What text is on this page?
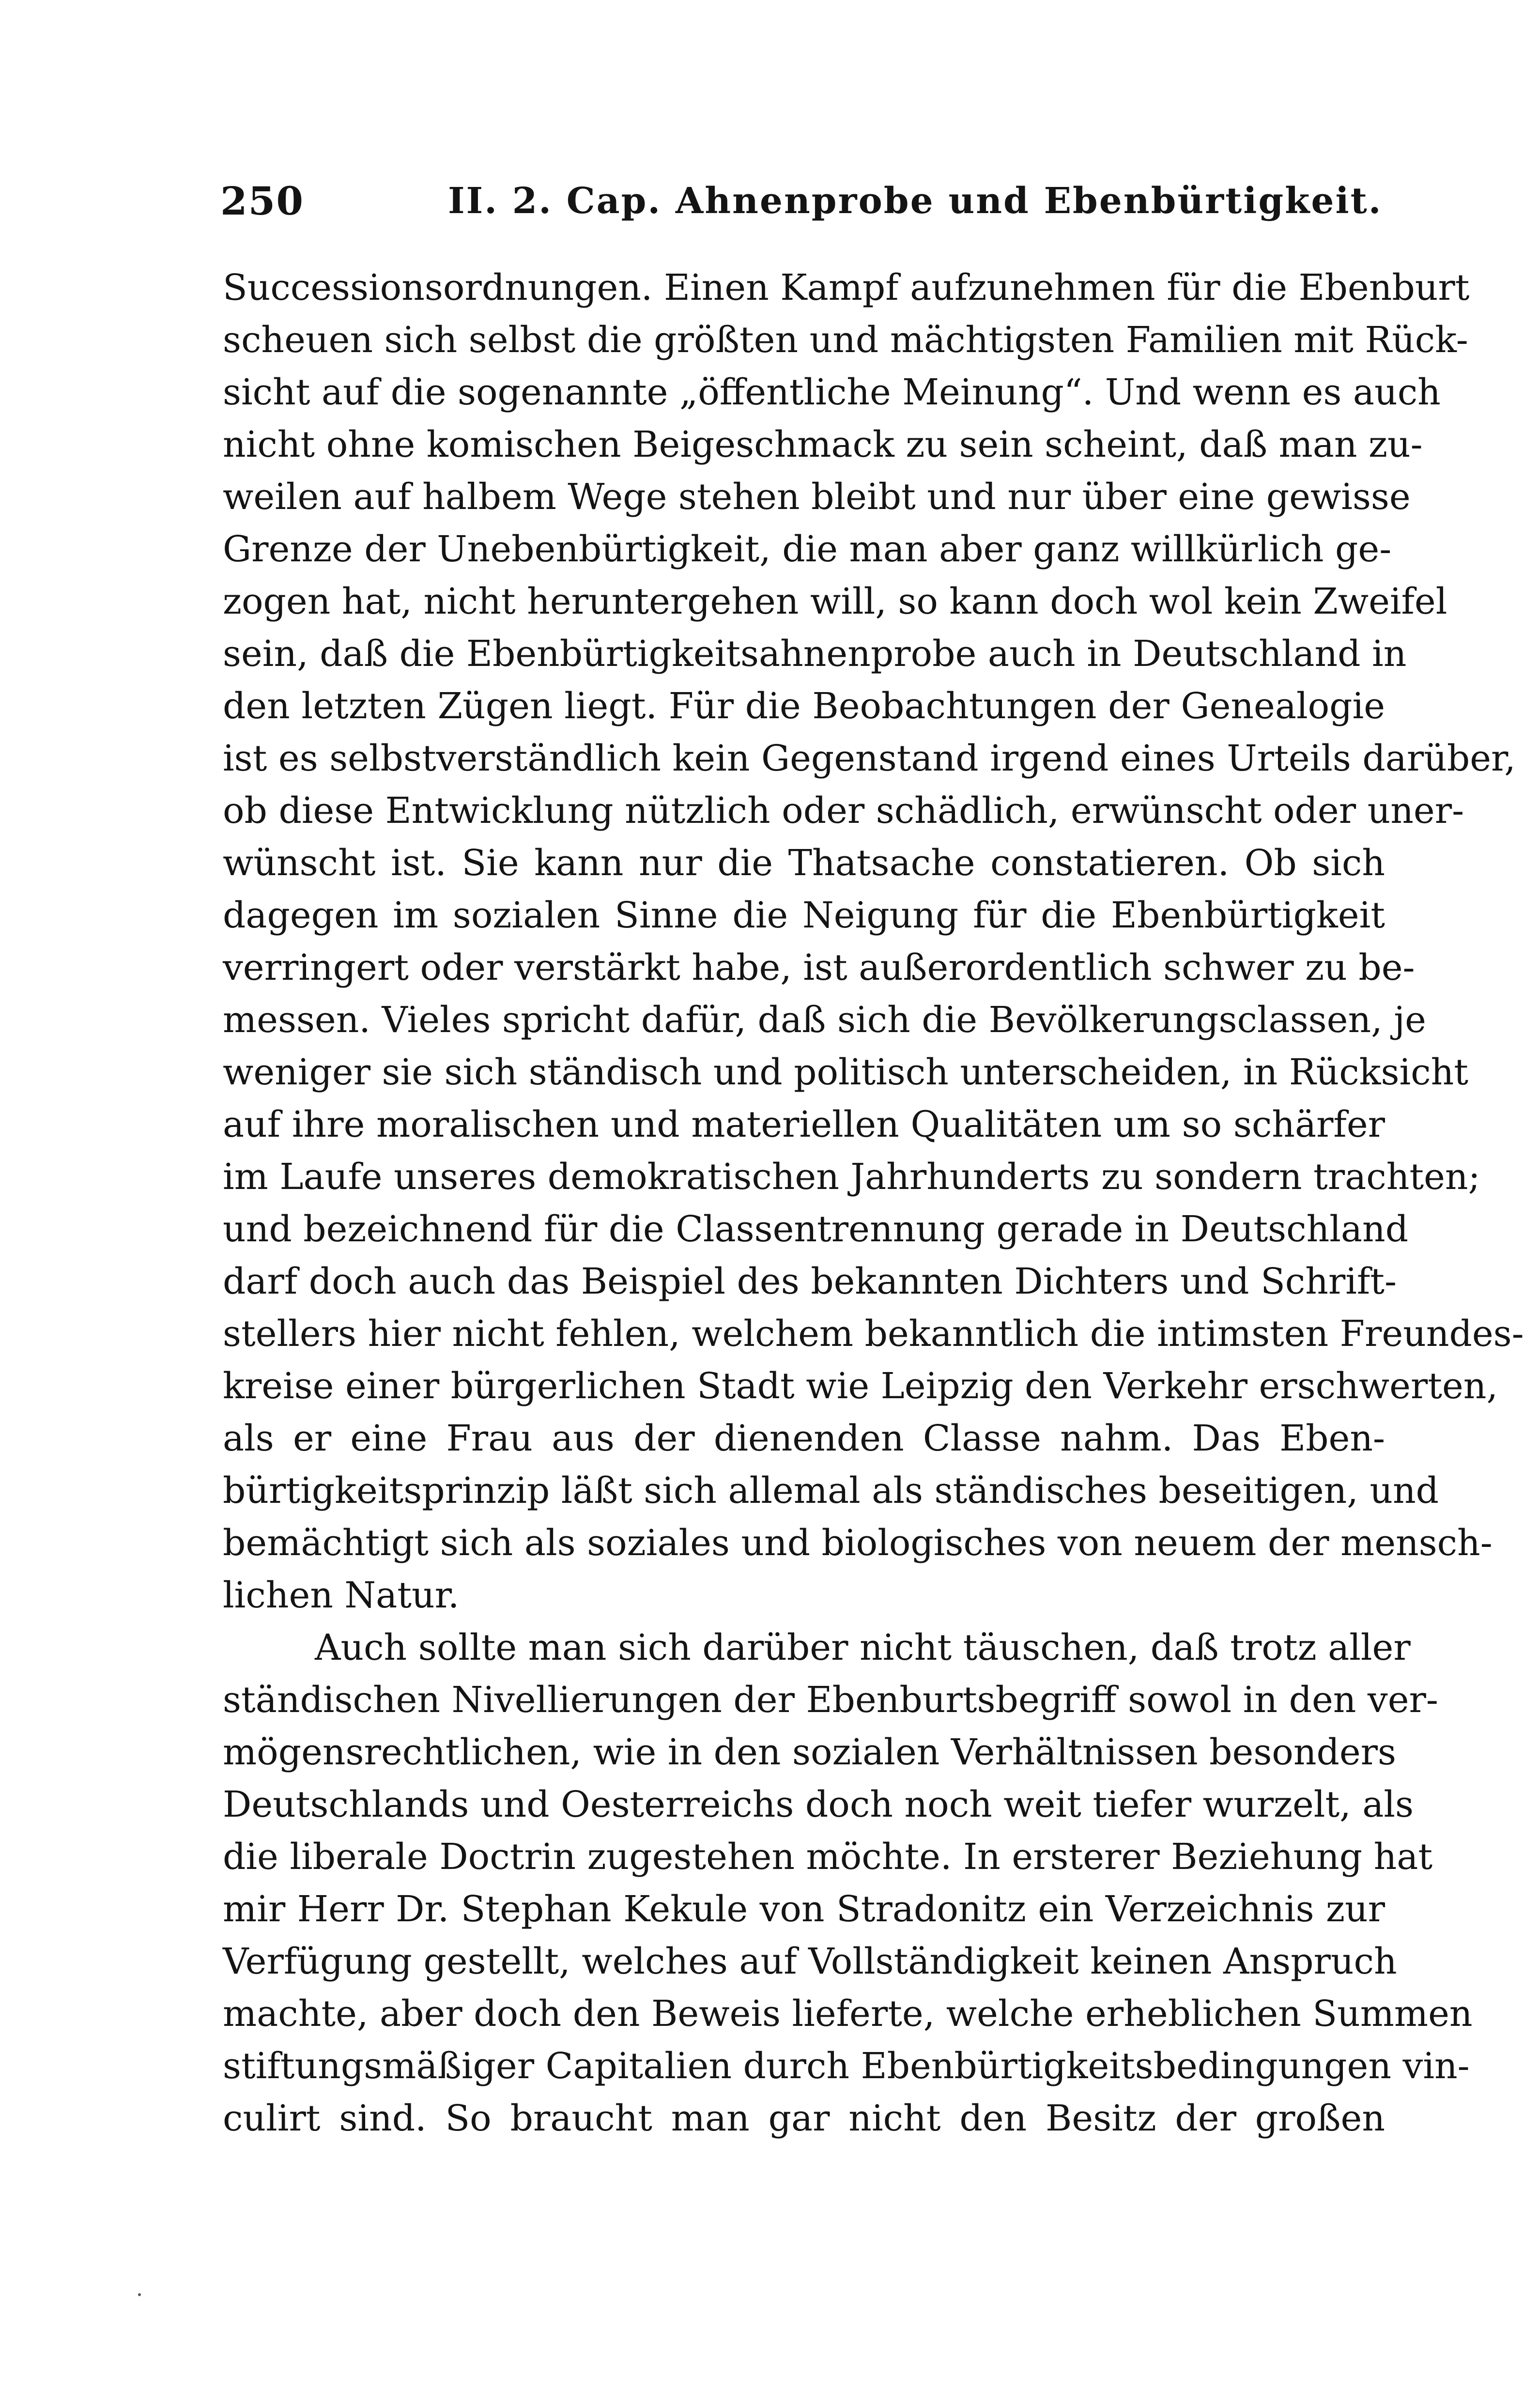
250	II. 2. Cap. Ahnenprobe und Ebenbürtigkeit.
Successionsordnungen. Einen Kampf aufzunehmen für die Ebenburt
scheuen sich selbst die größten und mächtigsten Familien mit Rück-
sicht auf die sogenannte „öffentliche Meinung“. Und wenn es auch
nicht ohne komischen Beigeschmack zu sein scheint, daß man zu-
weilen auf halbem Wege stehen bleibt und nur über eine gewisse
Grenze der Unebenbürtigkeit, die man aber ganz willkürlich ge-
zogen hat, nicht heruntergehen will, so kann doch wol kein Zweifel
sein, daß die Ebenbürtigkeitsahnenprobe auch in Deutschland in
den letzten Zügen liegt. Für die Beobachtungen der Genealogie
ist es selbstverständlich kein Gegenstand irgend eines Urteils darüber,
ob diese Entwicklung nützlich oder schädlich, erwünscht oder uner-
wünscht ist. Sie kann nur die Thatsache constatieren. Ob sich
dagegen im sozialen Sinne die Neigung für die Ebenbürtigkeit
verringert oder verstärkt habe, ist außerordentlich schwer zu be-
messen. Vieles spricht dafür, daß sich die Bevölkerungsclassen, je
weniger sie sich ständisch und politisch unterscheiden, in Rücksicht
auf ihre moralischen und materiellen Qualitäten um so schärfer
im Laufe unseres demokratischen Jahrhunderts zu sondern trachten;
und bezeichnend für die Classentrennung gerade in Deutschland
darf doch auch das Beispiel des bekannten Dichters und Schrift-
stellers hier nicht fehlen, welchem bekanntlich die intimsten Freundes-
kreise einer bürgerlichen Stadt wie Leipzig den Verkehr erschwerten,
als er eine Frau aus der dienenden Classe nahm. Das Eben-
bürtigkeitsprinzip läßt sich allemal als ständisches beseitigen, und
bemächtigt sich als soziales und biologisches von neuem der mensch-
lichen Natur.
Auch sollte man sich darüber nicht täuschen, daß trotz aller
ständischen Nivellierungen der Ebenburtsbegriff sowol in den ver-
mögensrechtlichen, wie in den sozialen Verhältnissen besonders
Deutschlands und Oesterreichs doch noch weit tiefer wurzelt, als
die liberale Doctrin zugestehen möchte. In ersterer Beziehung hat
mir Herr Dr. Stephan Kekule von Stradonitz ein Verzeichnis zur
Verfügung gestellt, welches auf Vollständigkeit keinen Anspruch
machte, aber doch den Beweis lieferte, welche erheblichen Summen
stiftungsmäßiger Capitalien durch Ebenbürtigkeitsbedingungen vin-
culirt sind. So braucht man gar nicht den Besitz der großen
